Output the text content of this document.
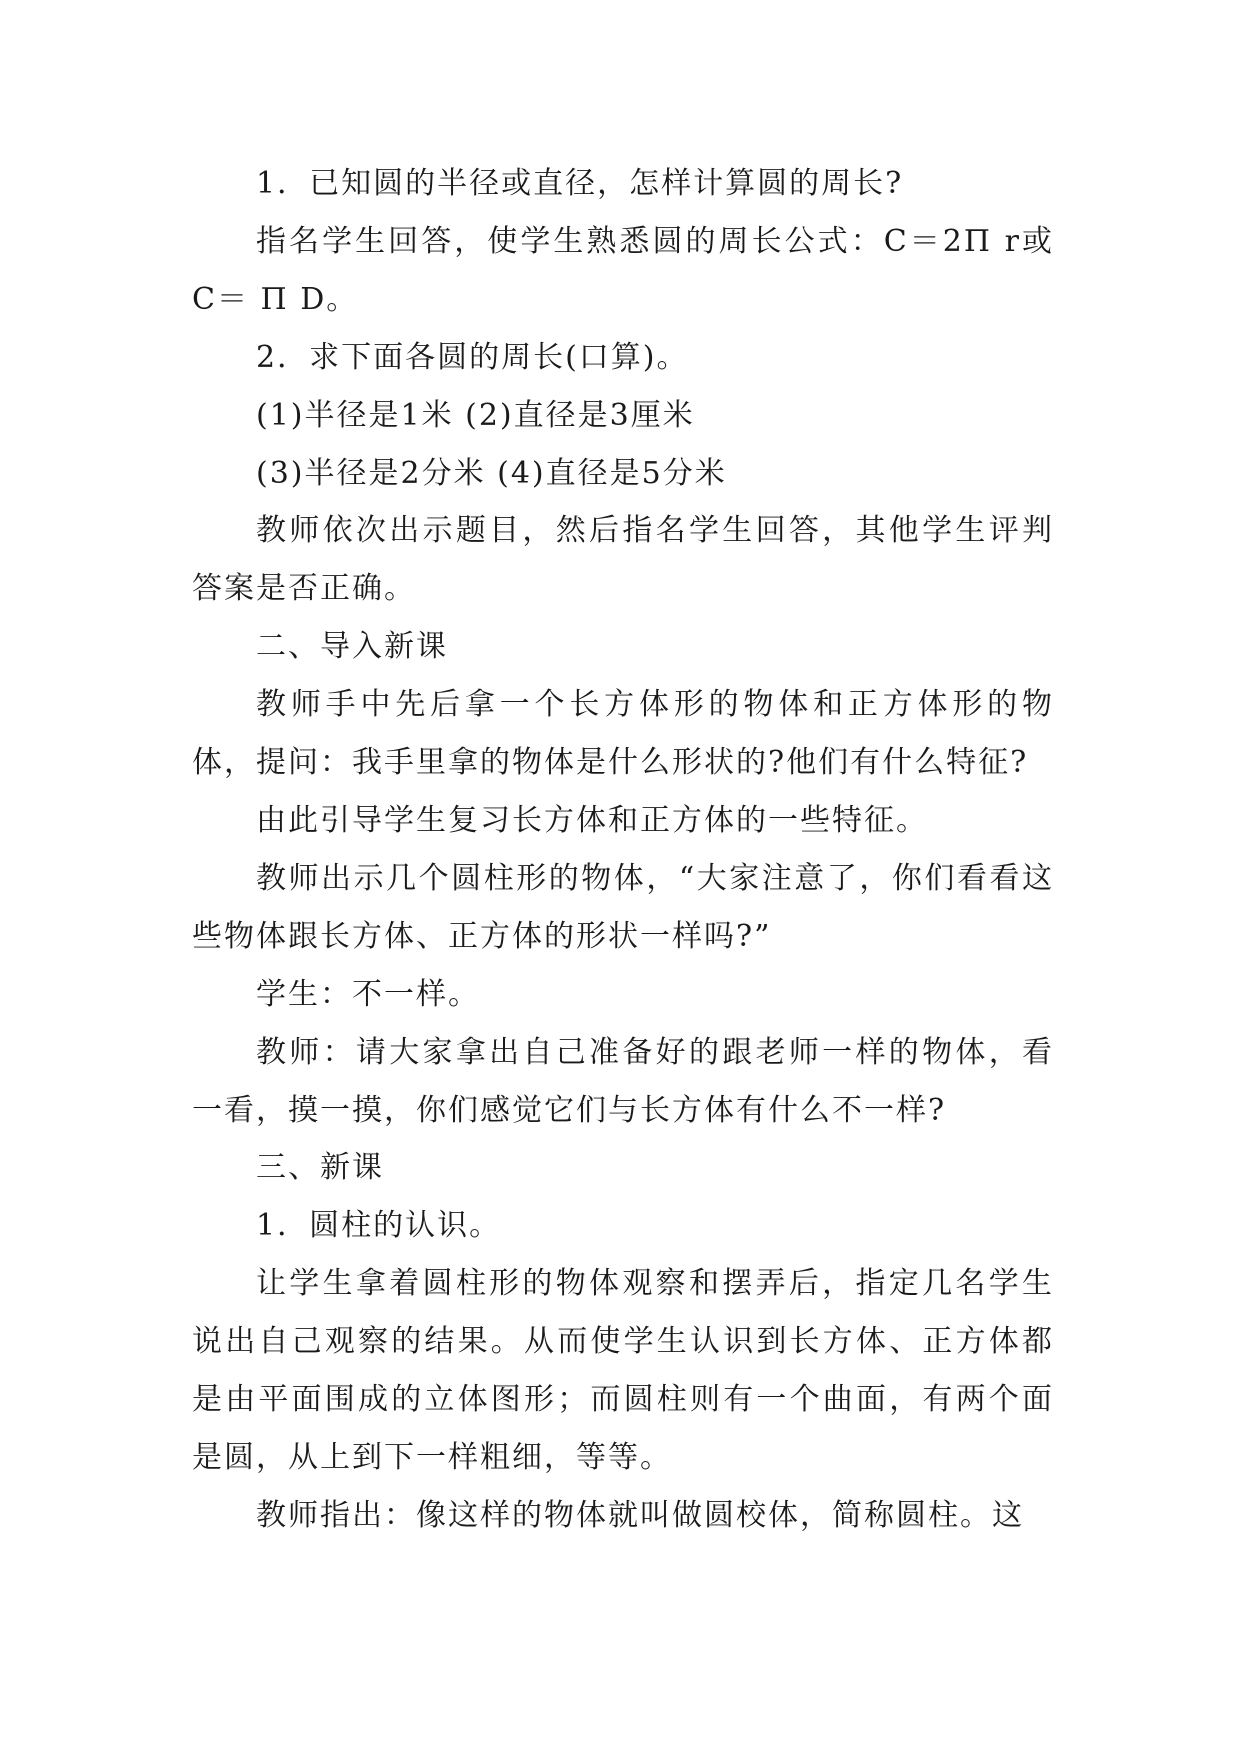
1．已知圆的半径或直径，怎样计算圆的周长?

指名学生回答，使学生熟悉圆的周长公式：C＝2Π r或C＝ Π D。

2．求下面各圆的周长(口算)。

(1)半径是1米 (2)直径是3厘米

(3)半径是2分米 (4)直径是5分米

教师依次出示题目，然后指名学生回答，其他学生评判答案是否正确。

二、导入新课

教师手中先后拿一个长方体形的物体和正方体形的物体，提问：我手里拿的物体是什么形状的?他们有什么特征?

由此引导学生复习长方体和正方体的一些特征。

教师出示几个圆柱形的物体，“大家注意了，你们看看这些物体跟长方体、正方体的形状一样吗?”

学生：不一样。

教师：请大家拿出自己准备好的跟老师一样的物体，看一看，摸一摸，你们感觉它们与长方体有什么不一样?

三、新课

1．圆柱的认识。

让学生拿着圆柱形的物体观察和摆弄后，指定几名学生说出自己观察的结果。从而使学生认识到长方体、正方体都是由平面围成的立体图形；而圆柱则有一个曲面，有两个面是圆，从上到下一样粗细，等等。

教师指出：像这样的物体就叫做圆校体，简称圆柱。这
